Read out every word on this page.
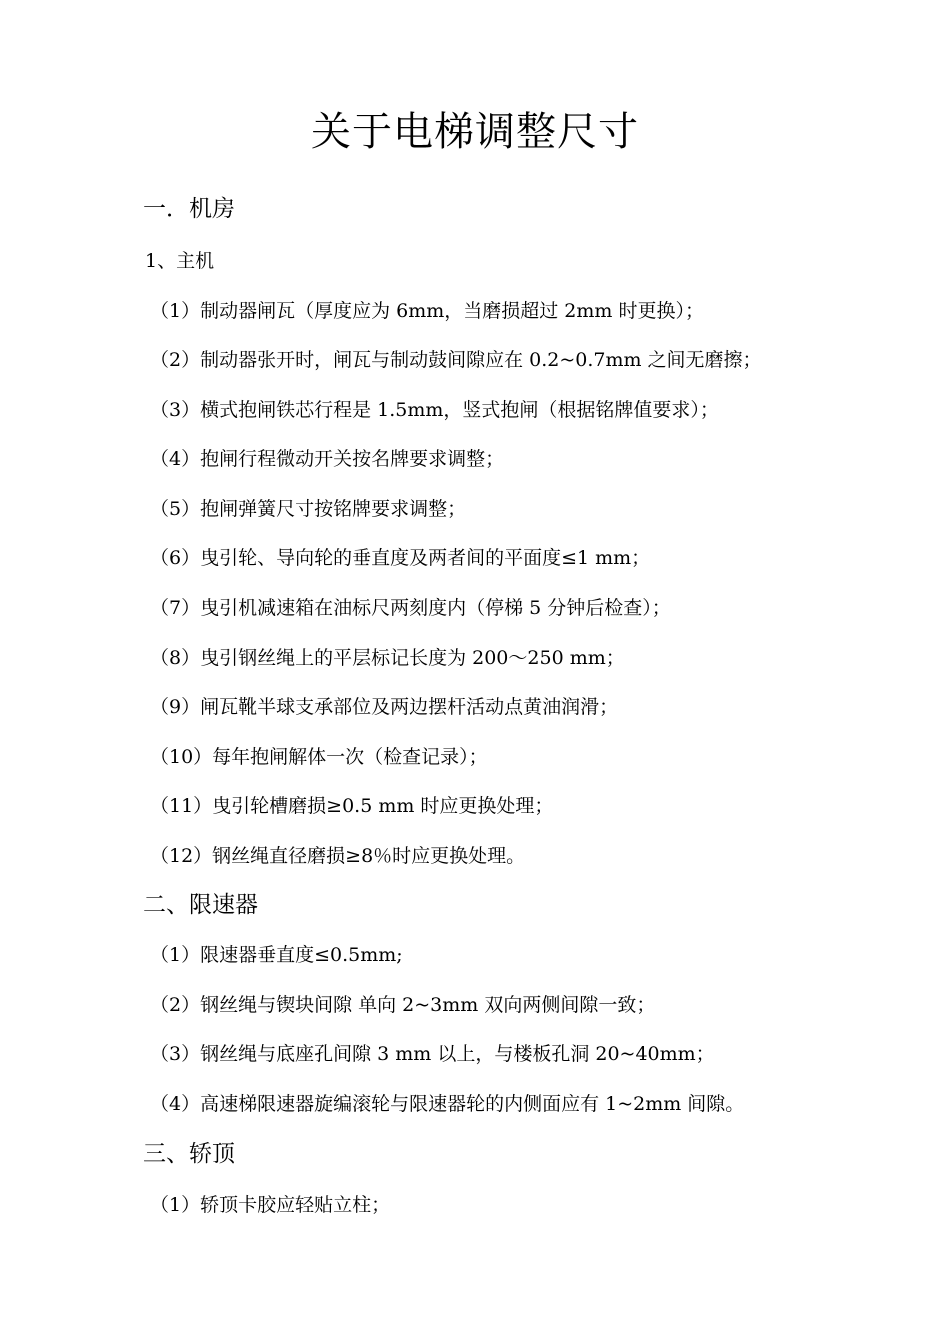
关于电梯调整尺寸
一．机房
1、主机
（1）制动器闸瓦（厚度应为 6mm，当磨损超过 2mm 时更换）；
（2）制动器张开时，闸瓦与制动鼓间隙应在 0.2~0.7mm 之间无磨擦；
（3）横式抱闸铁芯行程是 1.5mm，竖式抱闸（根据铭牌值要求）；
（4）抱闸行程微动开关按名牌要求调整；
（5）抱闸弹簧尺寸按铭牌要求调整；
（6）曳引轮、导向轮的垂直度及两者间的平面度≤1 mm；
（7）曳引机减速箱在油标尺两刻度内（停梯 5 分钟后检查）；
（8）曳引钢丝绳上的平层标记长度为 200～250 mm；
（9）闸瓦靴半球支承部位及两边摆杆活动点黄油润滑；
（10）每年抱闸解体一次（检查记录）；
（11）曳引轮槽磨损≥0.5 mm 时应更换处理；
（12）钢丝绳直径磨损≥8％时应更换处理。
二、限速器
（1）限速器垂直度≤0.5mm;
（2）钢丝绳与锲块间隙 单向 2~3mm 双向两侧间隙一致；
（3）钢丝绳与底座孔间隙 3 mm 以上，与楼板孔洞 20~40mm；
（4）高速梯限速器旋编滚轮与限速器轮的内侧面应有 1~2mm 间隙。
三、轿顶
（1）轿顶卡胶应轻贴立柱；
